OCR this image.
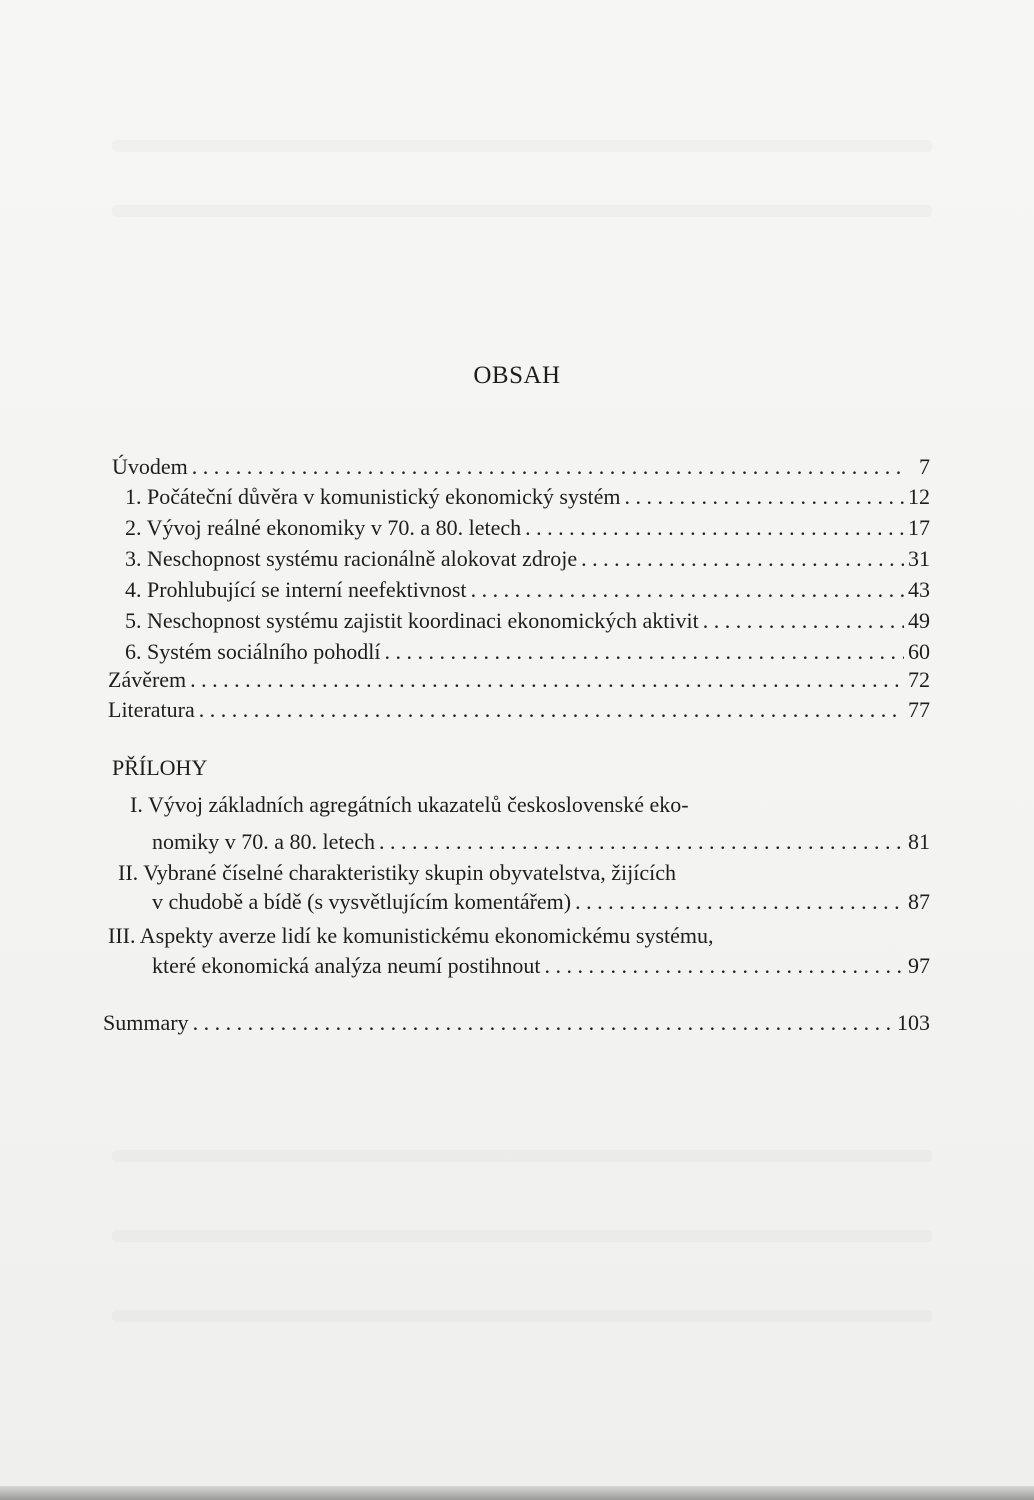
OBSAH
Úvodem . . .	7
1. Počáteční důvěra v komunistický ekonomický systém . . .	12
2. Vývoj reálné ekonomiky v 70. a 80. letech . . .	17
3. Neschopnost systému racionálně alokovat zdroje . . .	31
4. Prohlubující se interní neefektivnost . . .	43
5. Neschopnost systému zajistit koordinaci ekonomických aktivit . . .	49
6. Systém sociálního pohodlí . . .	60
Závěrem . . .	72
Literatura . . .	77
PŘÍLOHY
I. Vývoj základních agregátních ukazatelů československé eko-
nomiky v 70. a 80. letech . . .	81
II. Vybrané číselné charakteristiky skupin obyvatelstva, žijících
v chudobě a bídě (s vysvětlujícím komentářem) . . .	87
III. Aspekty averze lidí ke komunistickému ekonomickému systému,
které ekonomická analýza neumí postihnout . . .	97
Summary . . .	103
